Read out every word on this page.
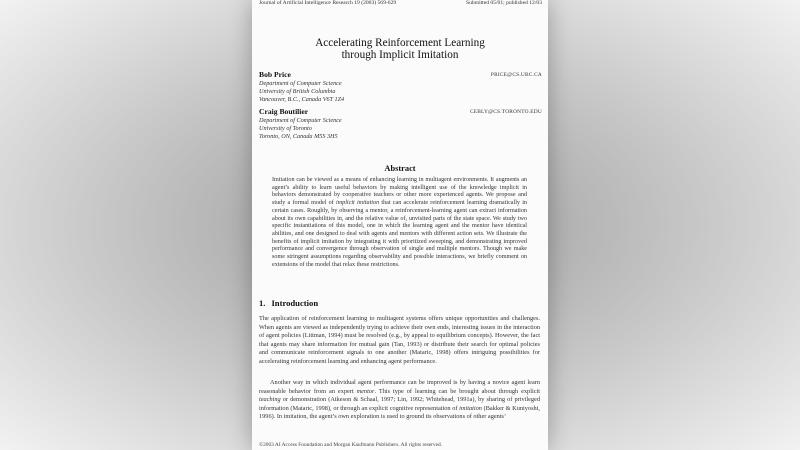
Journal of Artificial Intelligence Research 19 (2003) 569-629	Submitted 05/01; published 12/03
Accelerating Reinforcement Learning
through Implicit Imitation
Bob Price	PRICE@CS.UBC.CA
Department of Computer Science
University of British Columbia
Vancouver, B.C., Canada V6T 1Z4
Craig Boutilier	CEBLY@CS.TORONTO.EDU
Department of Computer Science
University of Toronto
Toronto, ON, Canada M5S 3H5
Abstract
Imitation can be viewed as a means of enhancing learning in multiagent environments. It augments an agent’s ability to learn useful behaviors by making intelligent use of the knowledge implicit in behaviors demonstrated by cooperative teachers or other more experienced agents. We propose and study a formal model of implicit imitation that can accelerate reinforcement learning dramatically in certain cases. Roughly, by observing a mentor, a reinforcement-learning agent can extract information about its own capabilities in, and the relative value of, unvisited parts of the state space. We study two specific instantiations of this model, one in which the learning agent and the mentor have identical abilities, and one designed to deal with agents and mentors with different action sets. We illustrate the benefits of implicit imitation by integrating it with prioritized sweeping, and demonstrating improved performance and convergence through observation of single and multiple mentors. Though we make some stringent assumptions regarding observability and possible interactions, we briefly comment on extensions of the model that relax these restrictions.
1. Introduction
The application of reinforcement learning to multiagent systems offers unique opportunities and challenges. When agents are viewed as independently trying to achieve their own ends, interesting issues in the interaction of agent policies (Littman, 1994) must be resolved (e.g., by appeal to equilibrium concepts). However, the fact that agents may share information for mutual gain (Tan, 1993) or distribute their search for optimal policies and communicate reinforcement signals to one another (Mataric, 1998) offers intriguing possibilities for accelerating reinforcement learning and enhancing agent performance.
Another way in which individual agent performance can be improved is by having a novice agent learn reasonable behavior from an expert mentor. This type of learning can be brought about through explicit teaching or demonstration (Atkeson & Schaal, 1997; Lin, 1992; Whitehead, 1991a), by sharing of privileged information (Mataric, 1998), or through an explicit cognitive representation of imitation (Bakker & Kuniyoshi, 1996). In imitation, the agent’s own exploration is used to ground its observations of other agents’
©2003 AI Access Foundation and Morgan Kaufmann Publishers. All rights reserved.
